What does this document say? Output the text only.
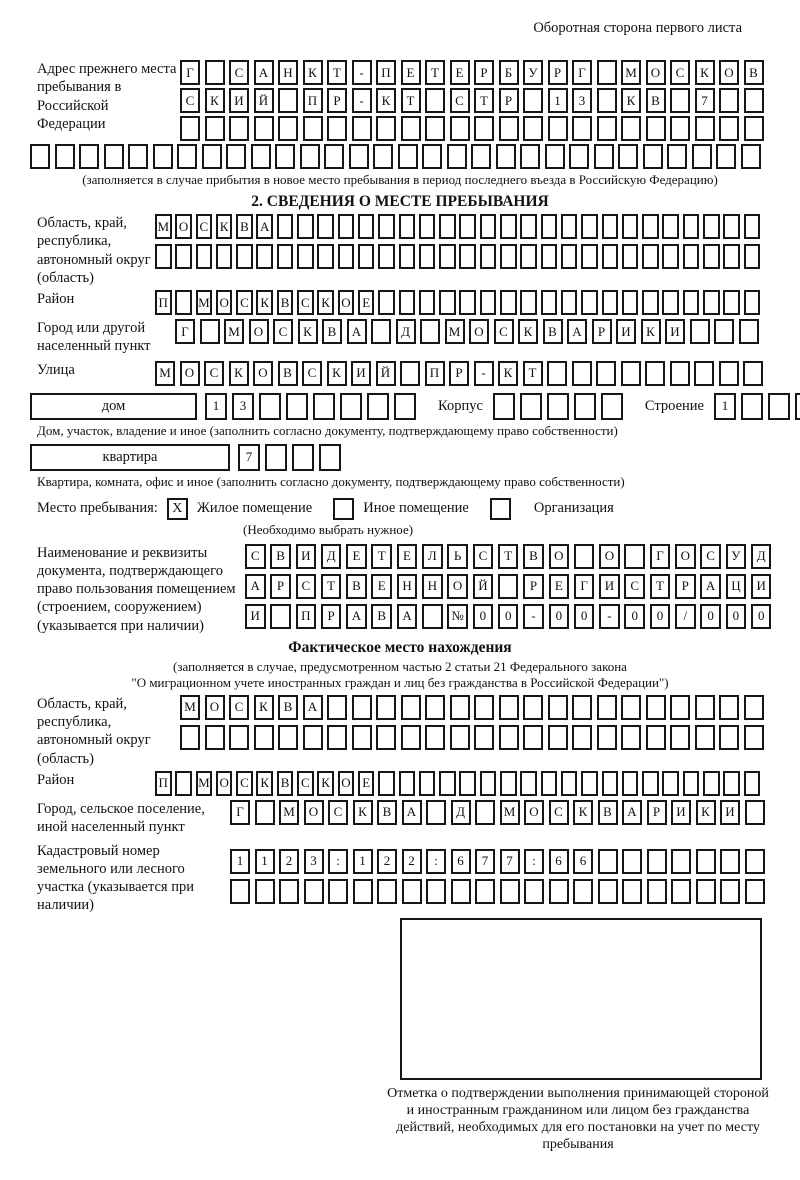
Оборотная сторона первого листа
Адрес прежнего места пребывания в Российской Федерации
Г	С	А	Н	К	Т	-	П	Е	Т	Е	Р	Б	У	Р	Г	М	О	С	К	О	В
С	К	И	Й	П	Р	-	К	Т	С	Т	Р	1	3	К	В	7
(заполняется в случае прибытия в новое место пребывания в период последнего въезда в Российскую Федерацию)
2. СВЕДЕНИЯ О МЕСТЕ ПРЕБЫВАНИЯ
Область, край, республика, автономный округ (область)
М О С К В А
Район	П М О С К В С К О Е
Город или другой населенный пункт
Г	М	О	С	К	В	А	Д	М	О	С	К	В	А	Р	И	К	И
Улица	М	О	С	К	О	В	С	К	И	Й	П	Р	-	К	Т
дом	1	3	Корпус	Строение	1
Дом, участок, владение и иное (заполнить согласно документу, подтверждающему право собственности)
квартира	7
Квартира, комната, офис и иное (заполнить согласно документу, подтверждающему право собственности)
Место пребывания:	X Жилое помещение	Иное помещение	Организация
(Необходимо выбрать нужное)
Наименование и реквизиты документа, подтверждающего право пользования помещением (строением, сооружением) (указывается при наличии)
С	В	И	Д	Е	Т	Е	Л	Ь	С	Т	В	О	О	Г	О	С	У	Д
А	Р	С	Т	В	Е	Н	Н	О	Й	Р	Е	Г	И	С	Т	Р	А	Ц	И
И	П	Р	А	В	А	№	0	0	-	0	0	-	0	0	/	0	0	0
Фактическое место нахождения
(заполняется в случае, предусмотренном частью 2 статьи 21 Федерального закона
"О миграционном учете иностранных граждан и лиц без гражданства в Российской Федерации")
Область, край, республика, автономный округ (область)
М	О	С	К	В	А
Район	П М О С К В С К О Е
Город, сельское поселение, иной населенный пункт
Г	М	О	С	К	В	А	Д	М	О	С	К	В	А	Р	И	К	И
Кадастровый номер земельного или лесного участка (указывается при наличии)
1	1	2	3	:	1	2	2	:	6	7	7	:	6	6
Отметка о подтверждении выполнения принимающей стороной и иностранным гражданином или лицом без гражданства действий, необходимых для его постановки на учет по месту пребывания
